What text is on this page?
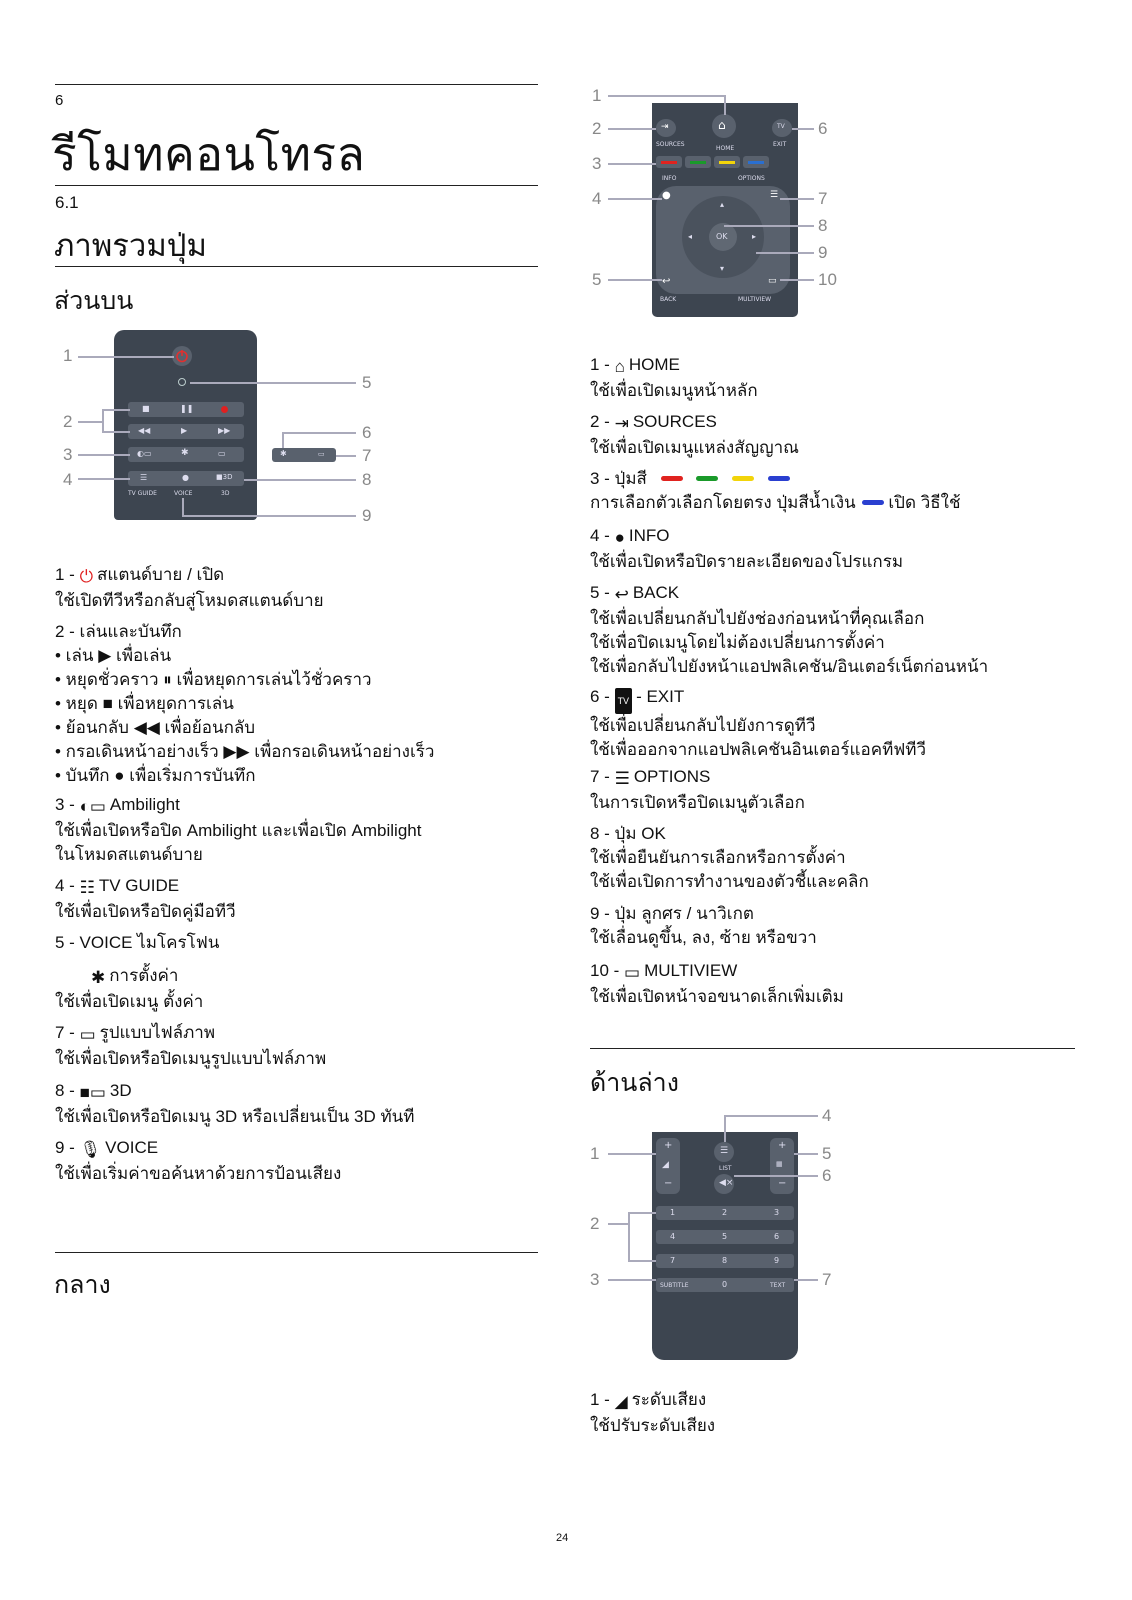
6
รีโมทคอนโทรล
6.1
ภาพรวมปุ่ม
ส่วนบน
■	❚❚
◀◀	▶	▶▶
◐▭	✱	▭
☰	●	■3D
TV GUIDE	VOICE	3D
✱	▭
1
2
3
4
5
6
7
8
9

1 - ⏻ สแตนด์บาย / เปิด

ใช้เปิดทีวีหรือกลับสู่โหมดสแตนด์บาย

2 - เล่นและบันทึก

• เล่น ▶ เพื่อเล่น

• หยุดชั่วคราว ⏸ เพื่อหยุดการเล่นไว้ชั่วคราว

• หยุด ■ เพื่อหยุดการเล่น

• ย้อนกลับ ◀◀ เพื่อย้อนกลับ

• กรอเดินหน้าอย่างเร็ว ▶▶ เพื่อกรอเดินหน้าอย่างเร็ว

• บันทึก ● เพื่อเริ่มการบันทึก

3 - ◐▭ Ambilight

ใช้เพื่อเปิดหรือปิด Ambilight และเพื่อเปิด Ambilight

ในโหมดสแตนด์บาย

4 - ☷ TV GUIDE

ใช้เพื่อเปิดหรือปิดคู่มือทีวี

5 - VOICE ไมโครโฟน

✱ การตั้งค่า

ใช้เพื่อเปิดเมนู ตั้งค่า

7 - ▭ รูปแบบไฟล์ภาพ

ใช้เพื่อเปิดหรือปิดเมนูรูปแบบไฟล์ภาพ

8 - ■▭ 3D

ใช้เพื่อเปิดหรือปิดเมนู 3D หรือเปลี่ยนเป็น 3D ทันที

9 - 🎙︎ VOICE

ใช้เพื่อเริ่มค่าขอค้นหาด้วยการป้อนเสียง

กลาง
⇥	⌂	TV
SOURCES
HOME
EXIT
INFO	OPTIONS
●	☰
OK
▴
▾
◂	▸
↩	▭
BACK	MULTIVIEW
1
2
3
4
5
6
7
8
9
10

1 - ⌂ HOME

ใช้เพื่อเปิดเมนูหน้าหลัก

2 - ⇥ SOURCES

ใช้เพื่อเปิดเมนูแหล่งสัญญาณ

3 - ปุ่มสี

การเลือกตัวเลือกโดยตรง ปุ่มสีน้ำเงิน เปิด วิธีใช้

4 - ● INFO

ใช้เพื่อเปิดหรือปิดรายละเอียดของโปรแกรม

5 - ↩ BACK

ใช้เพื่อเปลี่ยนกลับไปยังช่องก่อนหน้าที่คุณเลือก

ใช้เพื่อปิดเมนูโดยไม่ต้องเปลี่ยนการตั้งค่า

ใช้เพื่อกลับไปยังหน้าแอปพลิเคชัน/อินเตอร์เน็ตก่อนหน้า

6 - TV - EXIT

ใช้เพื่อเปลี่ยนกลับไปยังการดูทีวี

ใช้เพื่อออกจากแอปพลิเคชันอินเตอร์แอคทีฟทีวี

7 - ☰ OPTIONS

ในการเปิดหรือปิดเมนูตัวเลือก

8 - ปุ่ม OK

ใช้เพื่อยืนยันการเลือกหรือการตั้งค่า

ใช้เพื่อเปิดการทำงานของตัวชี้และคลิก

9 - ปุ่ม ลูกศร / นาวิเกต

ใช้เลื่อนดูขึ้น, ลง, ซ้าย หรือขวา

10 - ▭ MULTIVIEW

ใช้เพื่อเปิดหน้าจอขนาดเล็กเพิ่มเติม

ด้านล่าง
+
◢
−
☰
LIST
◀×
+
▦
−
1	2	3
4	5	6
7	8	9
SUBTITLE	0	TEXT
1
2
3
4
5
6
7

1 - ◢ ระดับเสียง

ใช้ปรับระดับเสียง

24
